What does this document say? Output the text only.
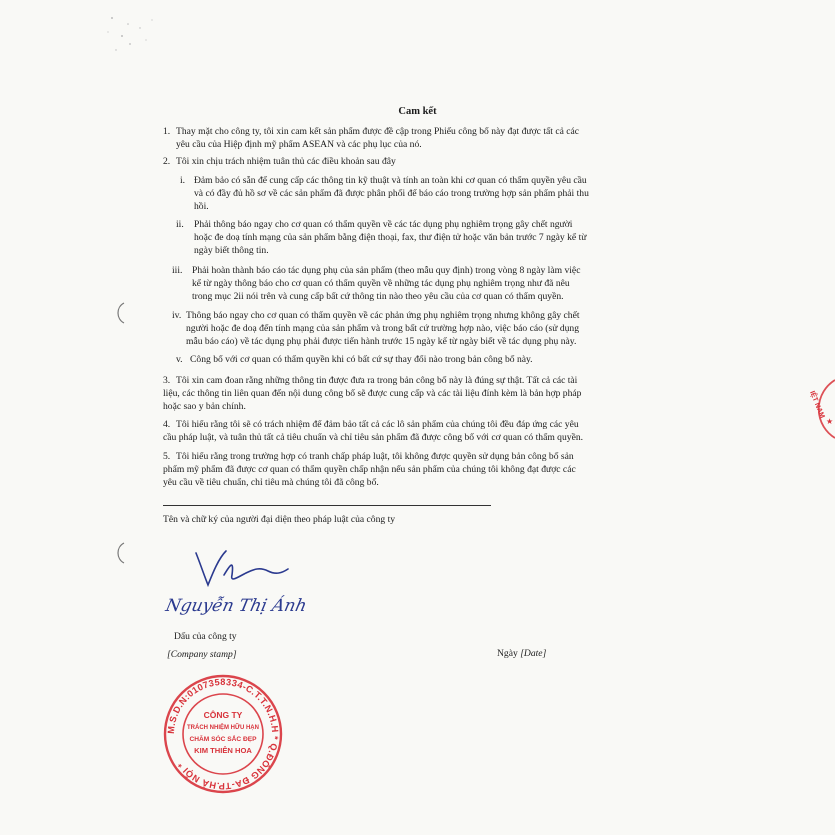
Cam kết
1. Thay mặt cho công ty, tôi xin cam kết sản phẩm được đề cập trong Phiếu công bố này đạt được tất cả các
yêu cầu của Hiệp định mỹ phẩm ASEAN và các phụ lục của nó.
2. Tôi xin chịu trách nhiệm tuân thủ các điều khoản sau đây
i. Đảm bảo có sẵn để cung cấp các thông tin kỹ thuật và tính an toàn khi cơ quan có thẩm quyền yêu cầu
và có đầy đủ hồ sơ về các sản phẩm đã được phân phối để báo cáo trong trường hợp sản phẩm phải thu
hồi.
ii. Phải thông báo ngay cho cơ quan có thẩm quyền về các tác dụng phụ nghiêm trọng gây chết người
hoặc đe doạ tính mạng của sản phẩm bằng điện thoại, fax, thư điện tử hoặc văn bản trước 7 ngày kể từ
ngày biết thông tin.
iii. Phải hoàn thành báo cáo tác dụng phụ của sản phẩm (theo mẫu quy định) trong vòng 8 ngày làm việc
kể từ ngày thông báo cho cơ quan có thẩm quyền về những tác dụng phụ nghiêm trọng như đã nêu
trong mục 2ii nói trên và cung cấp bất cứ thông tin nào theo yêu cầu của cơ quan có thẩm quyền.
iv. Thông báo ngay cho cơ quan có thẩm quyền về các phản ứng phụ nghiêm trọng nhưng không gây chết
người hoặc đe doạ đến tính mạng của sản phẩm và trong bất cứ trường hợp nào, việc báo cáo (sử dụng
mẫu báo cáo) về tác dụng phụ phải được tiến hành trước 15 ngày kể từ ngày biết về tác dụng phụ này.
v. Công bố với cơ quan có thẩm quyền khi có bất cứ sự thay đổi nào trong bản công bố này.
3. Tôi xin cam đoan rằng những thông tin được đưa ra trong bản công bố này là đúng sự thật. Tất cả các tài
liệu, các thông tin liên quan đến nội dung công bố sẽ được cung cấp và các tài liệu đính kèm là bản hợp pháp
hoặc sao y bản chính.
4. Tôi hiểu rằng tôi sẽ có trách nhiệm để đảm bảo tất cả các lô sản phẩm của chúng tôi đều đáp ứng các yêu
cầu pháp luật, và tuân thủ tất cả tiêu chuẩn và chỉ tiêu sản phẩm đã được công bố với cơ quan có thẩm quyền.
5. Tôi hiểu rằng trong trường hợp có tranh chấp pháp luật, tôi không được quyền sử dụng bản công bố sản
phẩm mỹ phẩm đã được cơ quan có thẩm quyền chấp nhận nếu sản phẩm của chúng tôi không đạt được các
yêu cầu về tiêu chuẩn, chỉ tiêu mà chúng tôi đã công bố.
Tên và chữ ký của người đại diện theo pháp luật của công ty
Nguyễn Thị Ánh
Dấu của công ty
[Company stamp]	Ngày [Date]
M.S.D.N:0107358334-C.T.T.N.H.H * Q.ĐỐNG ĐA-TP.HÀ NỘI *
CÔNG TY
TRÁCH NHIỆM HỮU HẠN
CHĂM SÓC SẮC ĐẸP
KIM THIÊN HOA
IỆT NAM
★
